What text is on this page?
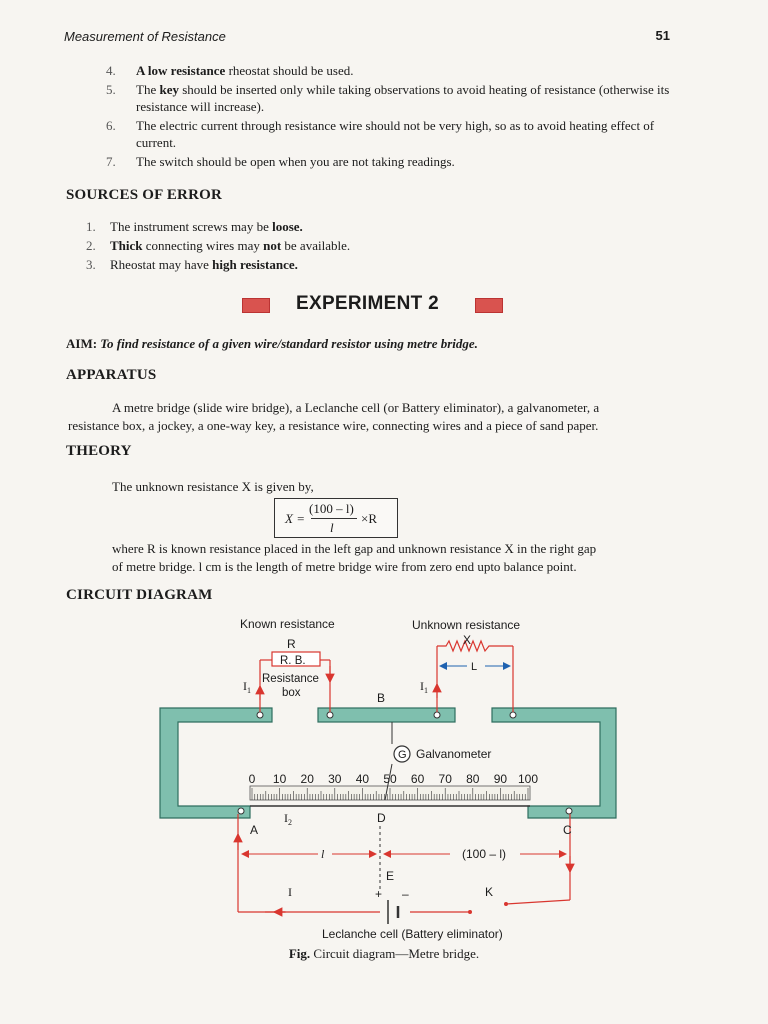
Measurement of Resistance	51
4. A low resistance rheostat should be used.
5. The key should be inserted only while taking observations to avoid heating of resistance (otherwise its resistance will increase).
6. The electric current through resistance wire should not be very high, so as to avoid heating effect of current.
7. The switch should be open when you are not taking readings.
SOURCES OF ERROR
1. The instrument screws may be loose.
2. Thick connecting wires may not be available.
3. Rheostat may have high resistance.
EXPERIMENT 2
AIM: To find resistance of a given wire/standard resistor using metre bridge.
APPARATUS
A metre bridge (slide wire bridge), a Leclanche cell (or Battery eliminator), a galvanometer, a
resistance box, a jockey, a one-way key, a resistance wire, connecting wires and a piece of sand paper.
THEORY
The unknown resistance X is given by,
X =
(100 – l)
l
×R
where R is known resistance placed in the left gap and unknown resistance X in the right gap
of metre bridge. l cm is the length of metre bridge wire from zero end upto balance point.
CIRCUIT DIAGRAM
Known resistance
R
R. B.
Resistance
box
Unknown resistance
X
L
$I_1$	$I_1$
B
G Galvanometer
0 10 20 30 40 50 60 70 80 90 100
A	C
D
$I_2$
l	(100 – l)
E
+ –
I	K
Leclanche cell (Battery eliminator)
Fig. Circuit diagram—Metre bridge.
